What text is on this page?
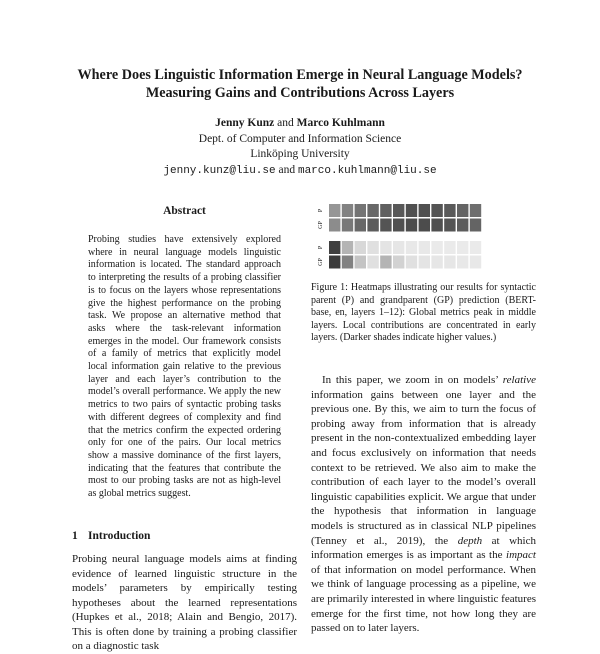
Where Does Linguistic Information Emerge in Neural Language Models?
Measuring Gains and Contributions Across Layers
Jenny Kunz and Marco Kuhlmann
Dept. of Computer and Information Science
Linköping University
jenny.kunz@liu.se and marco.kuhlmann@liu.se
Abstract
Probing studies have extensively explored where in neural language models linguistic information is located. The standard approach to interpreting the results of a probing classifier is to focus on the layers whose representations give the highest performance on the probing task. We propose an alternative method that asks where the task-relevant information emerges in the model. Our framework consists of a family of metrics that explicitly model local information gain relative to the previous layer and each layer’s contribution to the model’s overall performance. We apply the new metrics to two pairs of syntactic probing tasks with different degrees of complexity and find that the metrics confirm the expected ordering only for one of the pairs. Our local metrics show a massive dominance of the first layers, indicating that the features that contribute the most to our probing tasks are not as high-level as global metrics suggest.
1 Introduction
Probing neural language models aims at finding evidence of learned linguistic structure in the models’ parameters by empirically testing hypotheses about the learned representations (Hupkes et al., 2018; Alain and Bengio, 2017). This is often done by training a probing classifier on a diagnostic task
P
GP
P
GP
Figure 1: Heatmaps illustrating our results for syntactic parent (P) and grandparent (GP) prediction (BERT-base, en, layers 1–12): Global metrics peak in middle layers. Local contributions are concentrated in early layers. (Darker shades indicate higher values.)

In this paper, we zoom in on models’ relative information gains between one layer and the previous one. By this, we aim to turn the focus of probing away from information that is already present in the non-contextualized embedding layer and focus exclusively on information that needs context to be retrieved. We also aim to make the contribution of each layer to the model’s overall linguistic capabilities explicit. We argue that under the hypothesis that information in language models is structured as in classical NLP pipelines (Tenney et al., 2019), the depth at which information emerges is as important as the impact of that information on model performance. When we think of language processing as a pipeline, we are primarily interested in where linguistic features emerge for the first time, not how long they are passed on to later layers.
